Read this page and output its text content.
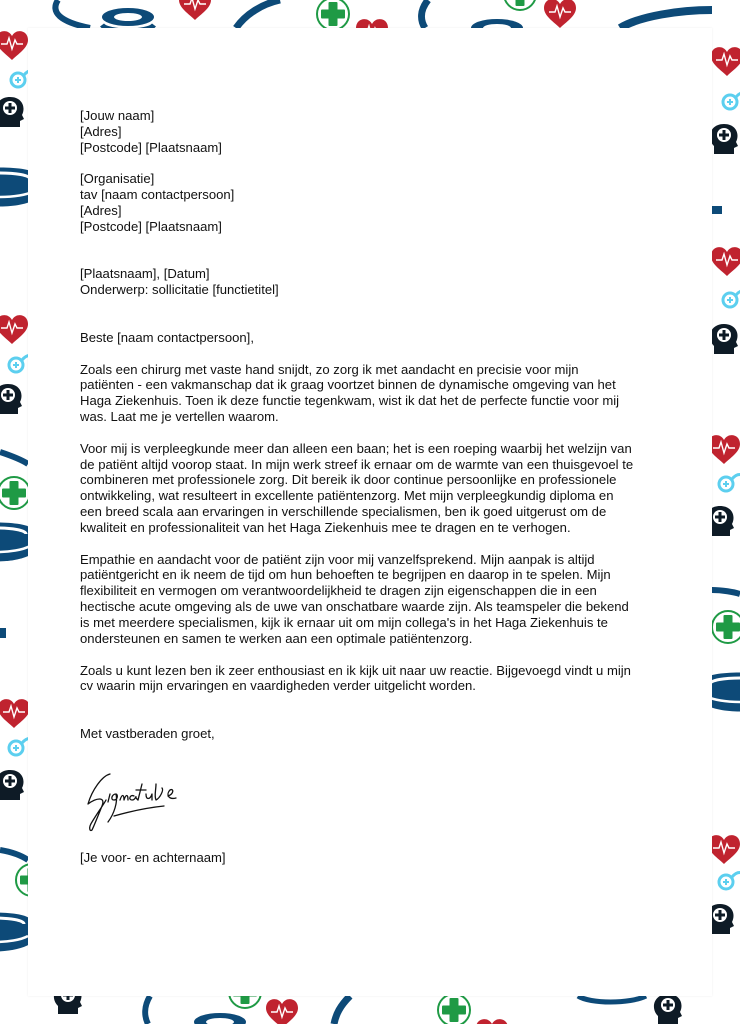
[Jouw naam]
[Adres]
[Postcode] [Plaatsnaam]
[Organisatie]
tav [naam contactpersoon]
[Adres]
[Postcode] [Plaatsnaam]
[Plaatsnaam], [Datum]
Onderwerp: sollicitatie [functietitel]
Beste [naam contactpersoon],
Zoals een chirurg met vaste hand snijdt, zo zorg ik met aandacht en precisie voor mijn
patiënten - een vakmanschap dat ik graag voortzet binnen de dynamische omgeving van het
Haga Ziekenhuis. Toen ik deze functie tegenkwam, wist ik dat het de perfecte functie voor mij
was. Laat me je vertellen waarom.
Voor mij is verpleegkunde meer dan alleen een baan; het is een roeping waarbij het welzijn van
de patiënt altijd voorop staat. In mijn werk streef ik ernaar om de warmte van een thuisgevoel te
combineren met professionele zorg. Dit bereik ik door continue persoonlijke en professionele
ontwikkeling, wat resulteert in excellente patiëntenzorg. Met mijn verpleegkundig diploma en
een breed scala aan ervaringen in verschillende specialismen, ben ik goed uitgerust om de
kwaliteit en professionaliteit van het Haga Ziekenhuis mee te dragen en te verhogen.
Empathie en aandacht voor de patiënt zijn voor mij vanzelfsprekend. Mijn aanpak is altijd
patiëntgericht en ik neem de tijd om hun behoeften te begrijpen en daarop in te spelen. Mijn
flexibiliteit en vermogen om verantwoordelijkheid te dragen zijn eigenschappen die in een
hectische acute omgeving als de uwe van onschatbare waarde zijn. Als teamspeler die bekend
is met meerdere specialismen, kijk ik ernaar uit om mijn collega's in het Haga Ziekenhuis te
ondersteunen en samen te werken aan een optimale patiëntenzorg.
Zoals u kunt lezen ben ik zeer enthousiast en ik kijk uit naar uw reactie. Bijgevoegd vindt u mijn
cv waarin mijn ervaringen en vaardigheden verder uitgelicht worden.
Met vastberaden groet,
[Je voor- en achternaam]
